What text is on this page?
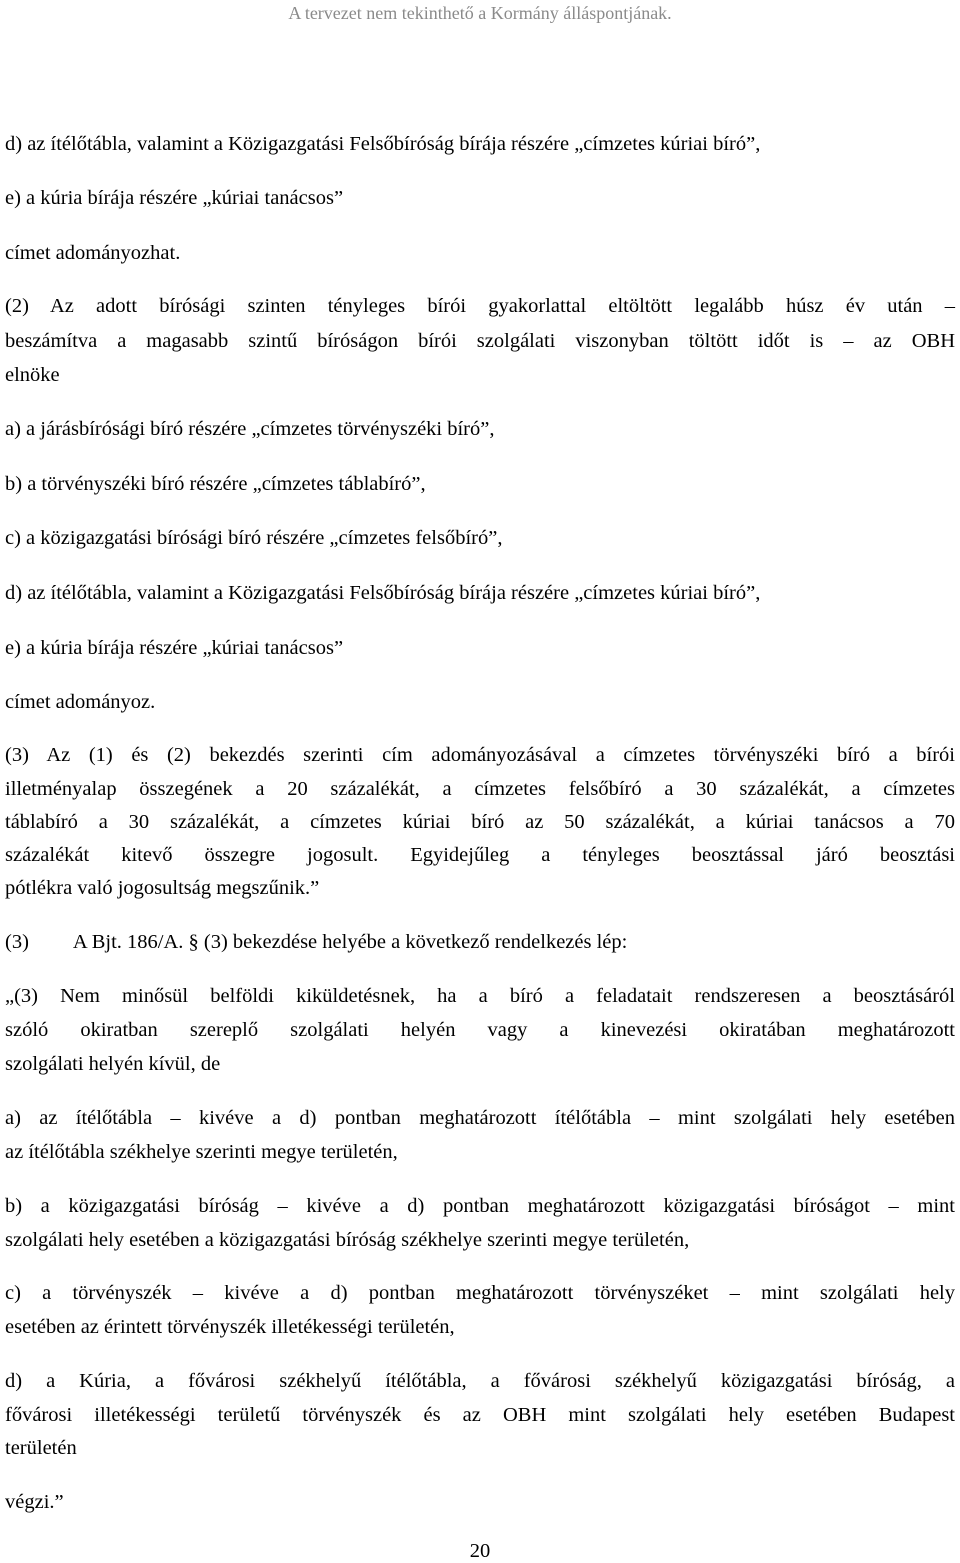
A tervezet nem tekinthető a Kormány álláspontjának.
d) az ítélőtábla, valamint a Közigazgatási Felsőbíróság bírája részére „címzetes kúriai bíró”,
e) a kúria bírája részére „kúriai tanácsos”
címet adományozhat.
(2) Az adott bírósági szinten tényleges bírói gyakorlattal eltöltött legalább húsz év után –
beszámítva a magasabb szintű bíróságon bírói szolgálati viszonyban töltött időt is – az OBH
elnöke
a) a járásbírósági bíró részére „címzetes törvényszéki bíró”,
b) a törvényszéki bíró részére „címzetes táblabíró”,
c) a közigazgatási bírósági bíró részére „címzetes felsőbíró”,
d) az ítélőtábla, valamint a Közigazgatási Felsőbíróság bírája részére „címzetes kúriai bíró”,
e) a kúria bírája részére „kúriai tanácsos”
címet adományoz.
(3) Az (1) és (2) bekezdés szerinti cím adományozásával a címzetes törvényszéki bíró a bírói
illetményalap összegének a 20 százalékát, a címzetes felsőbíró a 30 százalékát, a címzetes
táblabíró a 30 százalékát, a címzetes kúriai bíró az 50 százalékát, a kúriai tanácsos a 70
százalékát kitevő összegre jogosult. Egyidejűleg a tényleges beosztással járó beosztási
pótlékra való jogosultság megszűnik.”
(3) A Bjt. 186/A. § (3) bekezdése helyébe a következő rendelkezés lép:
„(3) Nem minősül belföldi kiküldetésnek, ha a bíró a feladatait rendszeresen a beosztásáról
szóló okiratban szereplő szolgálati helyén vagy a kinevezési okiratában meghatározott
szolgálati helyén kívül, de
a) az ítélőtábla – kivéve a d) pontban meghatározott ítélőtábla – mint szolgálati hely esetében
az ítélőtábla székhelye szerinti megye területén,
b) a közigazgatási bíróság – kivéve a d) pontban meghatározott közigazgatási bíróságot – mint
szolgálati hely esetében a közigazgatási bíróság székhelye szerinti megye területén,
c) a törvényszék – kivéve a d) pontban meghatározott törvényszéket – mint szolgálati hely
esetében az érintett törvényszék illetékességi területén,
d) a Kúria, a fővárosi székhelyű ítélőtábla, a fővárosi székhelyű közigazgatási bíróság, a
fővárosi illetékességi területű törvényszék és az OBH mint szolgálati hely esetében Budapest
területén
végzi.”
20
